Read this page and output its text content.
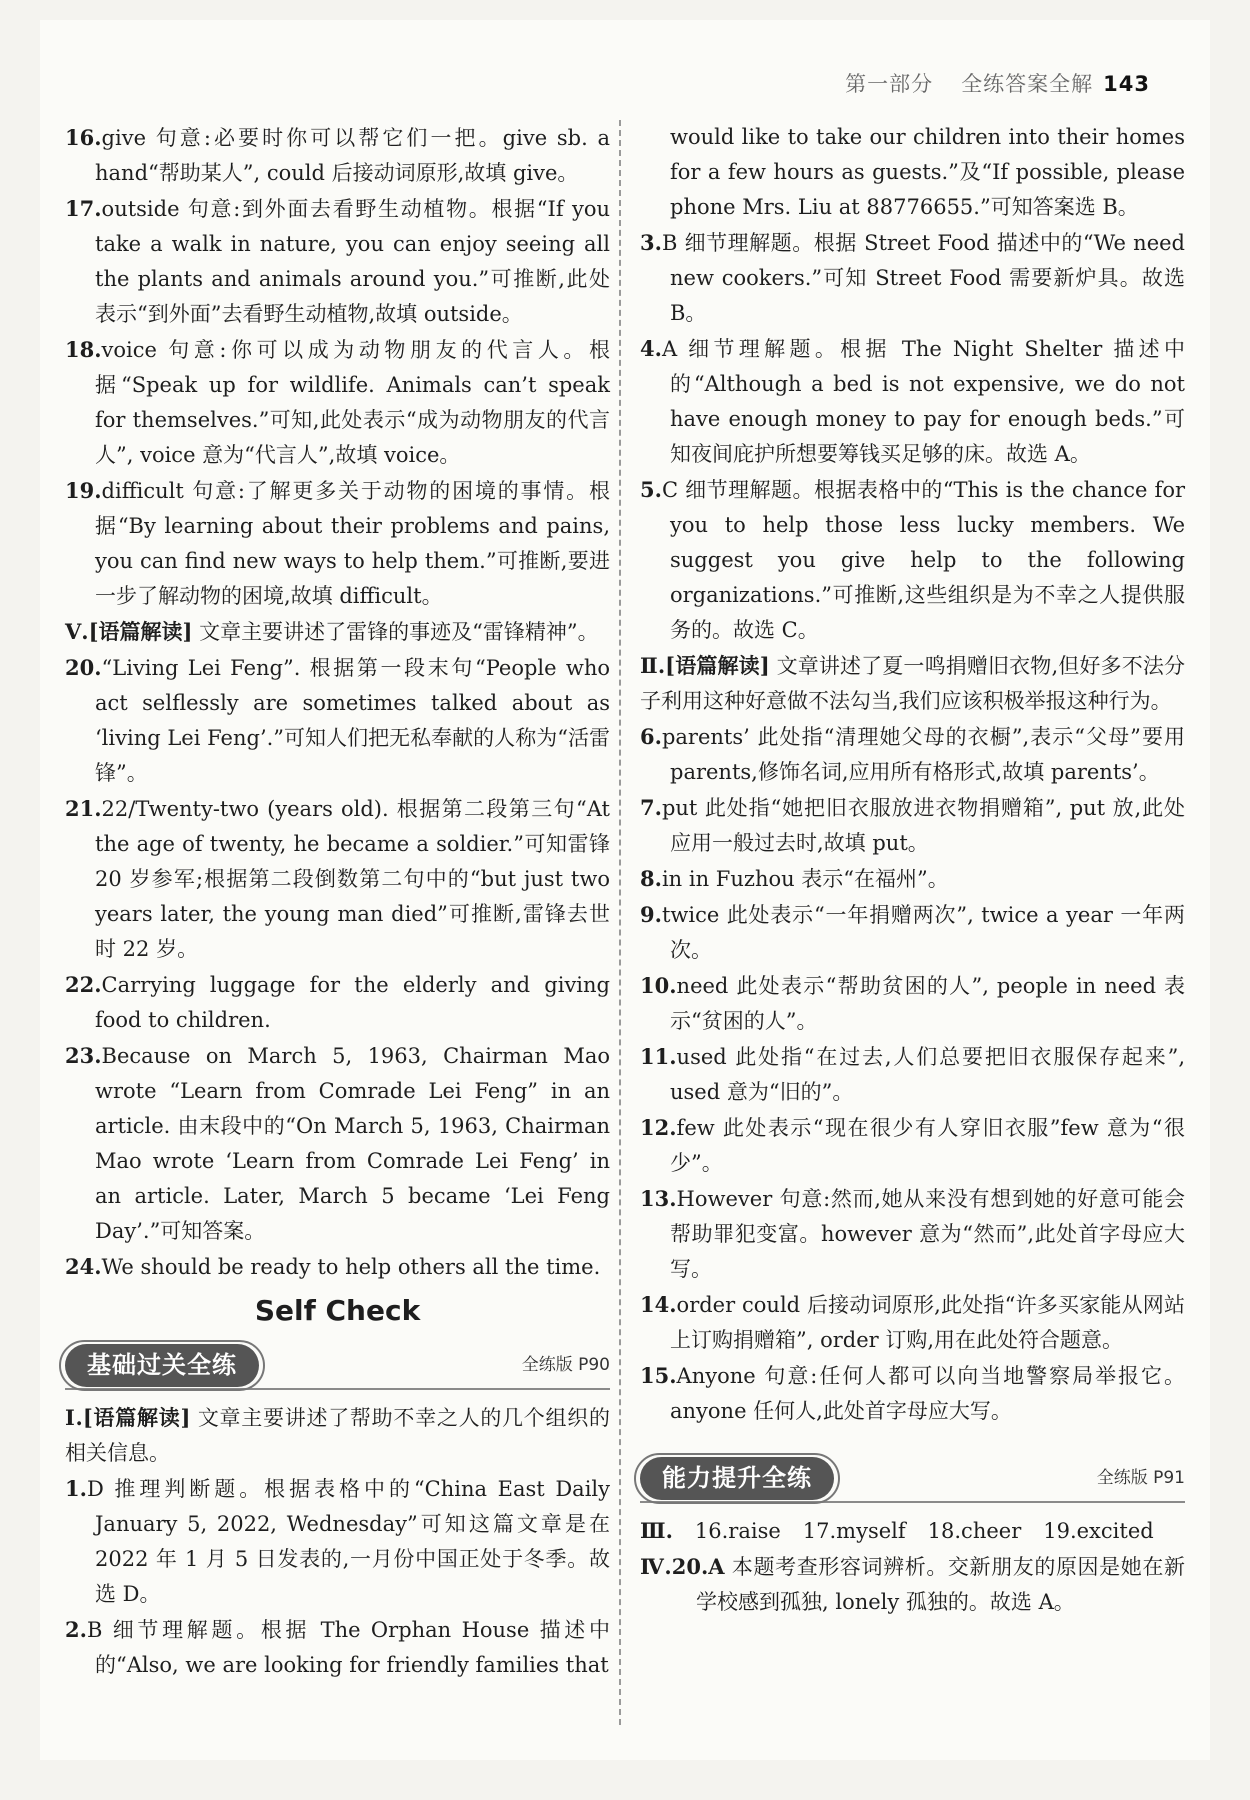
第一部分 全练答案全解 143

16.give 句意:必要时你可以帮它们一把。give sb. a hand“帮助某人”, could 后接动词原形,故填 give。

17.outside 句意:到外面去看野生动植物。根据“If you take a walk in nature, you can enjoy seeing all the plants and animals around you.”可推断,此处表示“到外面”去看野生动植物,故填 outside。

18.voice 句意:你可以成为动物朋友的代言人。根据“Speak up for wildlife. Animals can’t speak for themselves.”可知,此处表示“成为动物朋友的代言人”, voice 意为“代言人”,故填 voice。

19.difficult 句意:了解更多关于动物的困境的事情。根据“By learning about their problems and pains, you can find new ways to help them.”可推断,要进一步了解动物的困境,故填 difficult。

Ⅴ.[语篇解读] 文章主要讲述了雷锋的事迹及“雷锋精神”。

20.“Living Lei Feng”. 根据第一段末句“People who act selflessly are sometimes talked about as ‘living Lei Feng’.”可知人们把无私奉献的人称为“活雷锋”。

21.22/Twenty-two (years old). 根据第二段第三句“At the age of twenty, he became a soldier.”可知雷锋 20 岁参军;根据第二段倒数第二句中的“but just two years later, the young man died”可推断,雷锋去世时 22 岁。

22.Carrying luggage for the elderly and giving food to children.

23.Because on March 5, 1963, Chairman Mao wrote “Learn from Comrade Lei Feng” in an article. 由末段中的“On March 5, 1963, Chairman Mao wrote ‘Learn from Comrade Lei Feng’ in an article. Later, March 5 became ‘Lei Feng Day’.”可知答案。

24.We should be ready to help others all the time.

Self Check
基础过关全练	全练版 P90

Ⅰ.[语篇解读] 文章主要讲述了帮助不幸之人的几个组织的相关信息。

1.D 推理判断题。根据表格中的“China East Daily January 5, 2022, Wednesday”可知这篇文章是在 2022 年 1 月 5 日发表的,一月份中国正处于冬季。故选 D。

2.B 细节理解题。根据 The Orphan House 描述中的“Also, we are looking for friendly families that

would like to take our children into their homes for a few hours as guests.”及“If possible, please phone Mrs. Liu at 88776655.”可知答案选 B。

3.B 细节理解题。根据 Street Food 描述中的“We need new cookers.”可知 Street Food 需要新炉具。故选 B。

4.A 细节理解题。根据 The Night Shelter 描述中的“Although a bed is not expensive, we do not have enough money to pay for enough beds.”可知夜间庇护所想要筹钱买足够的床。故选 A。

5.C 细节理解题。根据表格中的“This is the chance for you to help those less lucky members. We suggest you give help to the following organizations.”可推断,这些组织是为不幸之人提供服务的。故选 C。

Ⅱ.[语篇解读] 文章讲述了夏一鸣捐赠旧衣物,但好多不法分子利用这种好意做不法勾当,我们应该积极举报这种行为。

6.parents’ 此处指“清理她父母的衣橱”,表示“父母”要用 parents,修饰名词,应用所有格形式,故填 parents’。

7.put 此处指“她把旧衣服放进衣物捐赠箱”, put 放,此处应用一般过去时,故填 put。

8.in in Fuzhou 表示“在福州”。

9.twice 此处表示“一年捐赠两次”, twice a year 一年两次。

10.need 此处表示“帮助贫困的人”, people in need 表示“贫困的人”。

11.used 此处指“在过去,人们总要把旧衣服保存起来”, used 意为“旧的”。

12.few 此处表示“现在很少有人穿旧衣服”few 意为“很少”。

13.However 句意:然而,她从来没有想到她的好意可能会帮助罪犯变富。however 意为“然而”,此处首字母应大写。

14.order could 后接动词原形,此处指“许多买家能从网站上订购捐赠箱”, order 订购,用在此处符合题意。

15.Anyone 句意:任何人都可以向当地警察局举报它。anyone 任何人,此处首字母应大写。

能力提升全练	全练版 P91

Ⅲ. 16.raise 17.myself 18.cheer 19.excited

Ⅳ.20.A 本题考查形容词辨析。交新朋友的原因是她在新学校感到孤独, lonely 孤独的。故选 A。
